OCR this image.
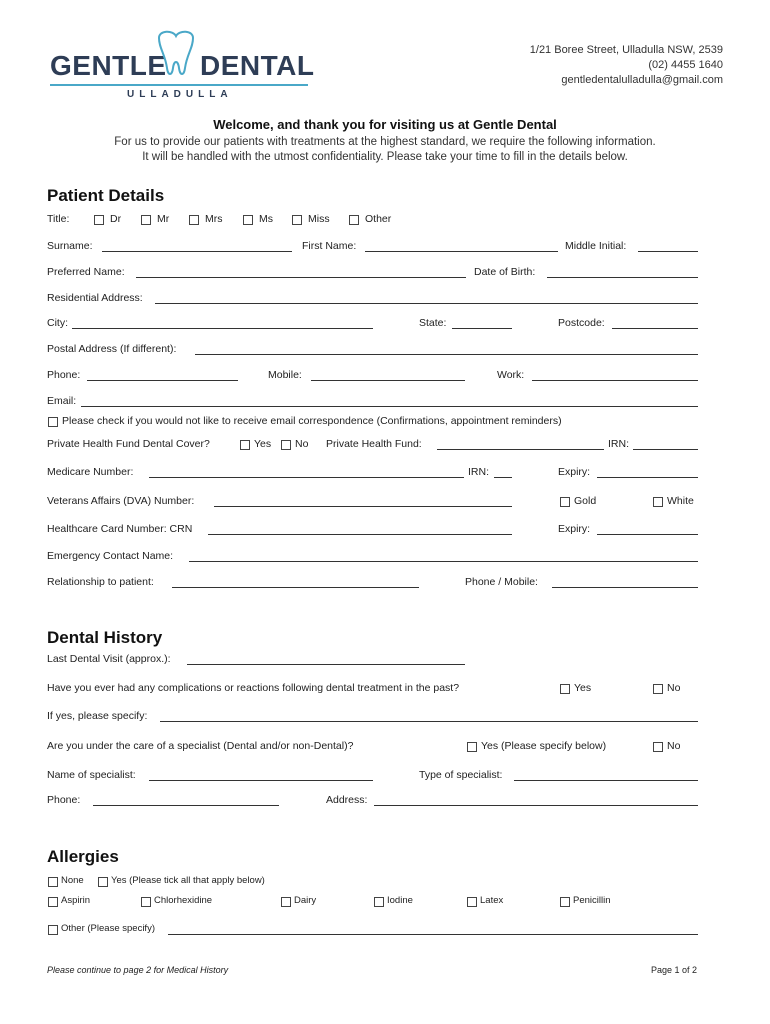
GENTLE DENTAL
ULLADULLA
1/21 Boree Street, Ulladulla NSW, 2539
(02) 4455 1640
gentledentalulladulla@gmail.com
Welcome, and thank you for visiting us at Gentle Dental
For us to provide our patients with treatments at the highest standard, we require the following information.
It will be handled with the utmost confidentiality. Please take your time to fill in the details below.
Patient Details
Title:	Dr	Mr	Mrs	Ms	Miss	Other
Surname:	First Name:	Middle Initial:
Preferred Name:	Date of Birth:
Residential Address:
City:	State:	Postcode:
Postal Address (If different):
Phone:	Mobile:	Work:
Email:
Please check if you would not like to receive email correspondence (Confirmations, appointment reminders)
Private Health Fund Dental Cover?	Yes No Private Health Fund:	IRN:
Medicare Number:	IRN:	Expiry:
Veterans Affairs (DVA) Number:	Gold	White
Healthcare Card Number: CRN	Expiry:
Emergency Contact Name:
Relationship to patient:	Phone / Mobile:
Dental History
Last Dental Visit (approx.):
Have you ever had any complications or reactions following dental treatment in the past?	Yes	No
If yes, please specify:
Are you under the care of a specialist (Dental and/or non-Dental)?	Yes (Please specify below)	No
Name of specialist:	Type of specialist:
Phone:	Address:
Allergies
None	Yes (Please tick all that apply below)
Aspirin	Chlorhexidine	Dairy	Iodine	Latex	Penicillin
Other (Please specify)
Please continue to page 2 for Medical History	Page 1 of 2
